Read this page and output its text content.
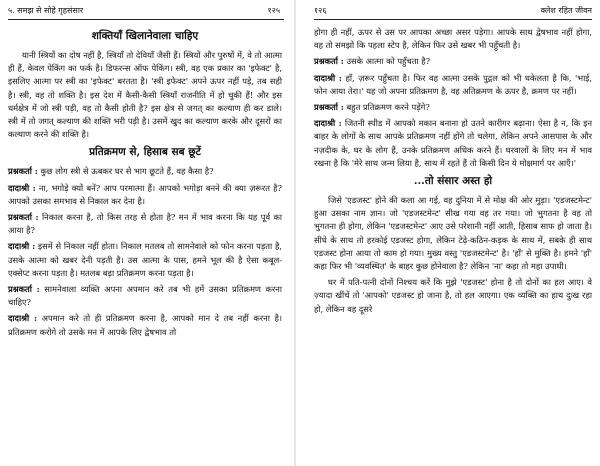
५. समझ से सोहे गृहसंसार	१२५
शक्तियाँ खिलानेवाला चाहिए

यानी स्त्रियों का दोष नहीं है, स्त्रियाँ तो देवियाँ जैसी हैं। स्त्रियों और पुरुषों में, वे तो आत्मा ही हैं, केवल पेकिंग का फर्क है। डिफरन्स ऑफ पेकिंग। स्त्री, वह एक प्रकार का 'इफेक्ट' है, इसलिए आत्मा पर स्त्री का 'इफेक्ट' बरतता है। 'स्त्री इफेक्ट' अपने ऊपर नहीं पड़े, तब सही है। स्त्री, वह तो शक्ति है। इस देश में कैसी-कैसी स्त्रियाँ राजनीति में हो चुकी हैं! और इस धर्मक्षेत्र में जो स्त्री पड़ी, वह तो कैसी होती है? इस क्षेत्र से जगत् का कल्याण ही कर डाले। स्त्री में तो जगत् कल्याण की शक्ति भरी पड़ी है। उसमें खुद का कल्याण करके और दूसरों का कल्याण करने की शक्ति है।

प्रतिक्रमण से, हिसाब सब छूटें

प्रश्नकर्ता : कुछ लोग स्त्री से ऊबकर घर से भाग छूटते हैं, वह कैसा है?

दादाश्री : ना, भगोड़े क्यों बनें? आप परमात्मा हैं। आपको भगोड़ा बनने की क्या ज़रूरत है? आपको उसका समभाव से निकाल कर देना है।

प्रश्नकर्ता : निकाल करना है, तो किस तरह से होता है? मन में भाव करना कि यह पूर्व का आया है?

दादाश्री : इसमें से निकाल नहीं होता। निकाल मतलब तो सामनेवाले को फोन करना पड़ता है, उसके आत्मा को खबर देनी पड़ती है। उस आत्मा के पास, हमने भूल की है ऐसा कबूल-एक्सेप्ट करना पड़ता है। मतलब बड़ा प्रतिक्रमण करना पड़ता है।

प्रश्नकर्ता : सामनेवाला व्यक्ति अपना अपमान करे तब भी हमें उसका प्रतिक्रमण करना चाहिए?

दादाश्री : अपमान करे तो ही प्रतिक्रमण करना है, आपको मान दे तब नहीं करना है। प्रतिक्रमण करोगे तो उसके मन में आपके लिए द्वेषभाव तो

१२६	क्लेश रहित जीवन

होगा ही नहीं, ऊपर से उस पर आपका अच्छा असर पड़ेगा। आपके साथ द्वेषभाव नहीं होगा, वह तो समझो कि पहला स्टेप है, लेकिन फिर उसे खबर भी पहुँचती है।

प्रश्नकर्ता : उसके आत्मा को पहुँचता है?

दादाश्री : हाँ, ज़रूर पहुँचता है। फिर वह आत्मा उसके पुद्गल को भी धकेलता है कि, 'भाई, फोन आया तेरा।' यह जो अपना प्रतिक्रमण है, वह अतिक्रमण के ऊपर है, क्रमण पर नहीं।

प्रश्नकर्ता : बहुत प्रतिक्रमण करने पड़ेंगे?

दादाश्री : जितनी स्पीड में आपको मकान बनाना हो उतने कारीगर बढ़ाना। ऐसा है न, कि इन बाहर के लोगों के साथ आपके प्रतिक्रमण नहीं होंगे तो चलेगा, लेकिन अपने आसपास के और नज़दीक के, घर के लोग हैं, उनके प्रतिक्रमण अधिक करने हैं। घरवालों के लिए मन में भाव रखना है कि 'मेरे साथ जन्म लिया है, साथ में रहते हैं तो किसी दिन ये मोक्षमार्ग पर आएँ।'

...तो संसार अस्त हो

जिसे 'एडजस्ट' होने की कला आ गई, वह दुनिया में से मोक्ष की ओर मुड़ा। 'एडजस्टमेन्ट' हुआ उसका नाम ज्ञान। जो 'एडजस्टमेन्ट' सीख गया वह तर गया। जो भुगतना है वह तो भुगतना ही होगा, लेकिन 'एडजस्टमेन्ट' आए उसे परेशानी नहीं आती, हिसाब साफ हो जाता है। सीधे के साथ तो हरकोई एडजस्ट होगा, लेकिन टेढ़े-कठिन-कड़क के साथ में, सबके ही साथ एडजस्ट होना आया तो काम हो गया। मुख्य वस्तु 'एडजस्टमेन्ट' है। 'हाँ' से मुक्ति है। हमने 'हाँ' कहा फिर भी 'व्यवस्थित' के बाहर कुछ होनेवाला है? लेकिन 'ना' कहा तो महा उपाधी।

घर में पति-पत्नी दोनों निश्चय करें कि मुझे 'एडजस्ट' होना है तो दोनों का हल आए। वे ज़्यादा खींचें तो 'आपको' एडजस्ट हो जाना है, तो हल आएगा। एक व्यक्ति का हाथ दुःख रहा हो, लेकिन वह दूसरे
